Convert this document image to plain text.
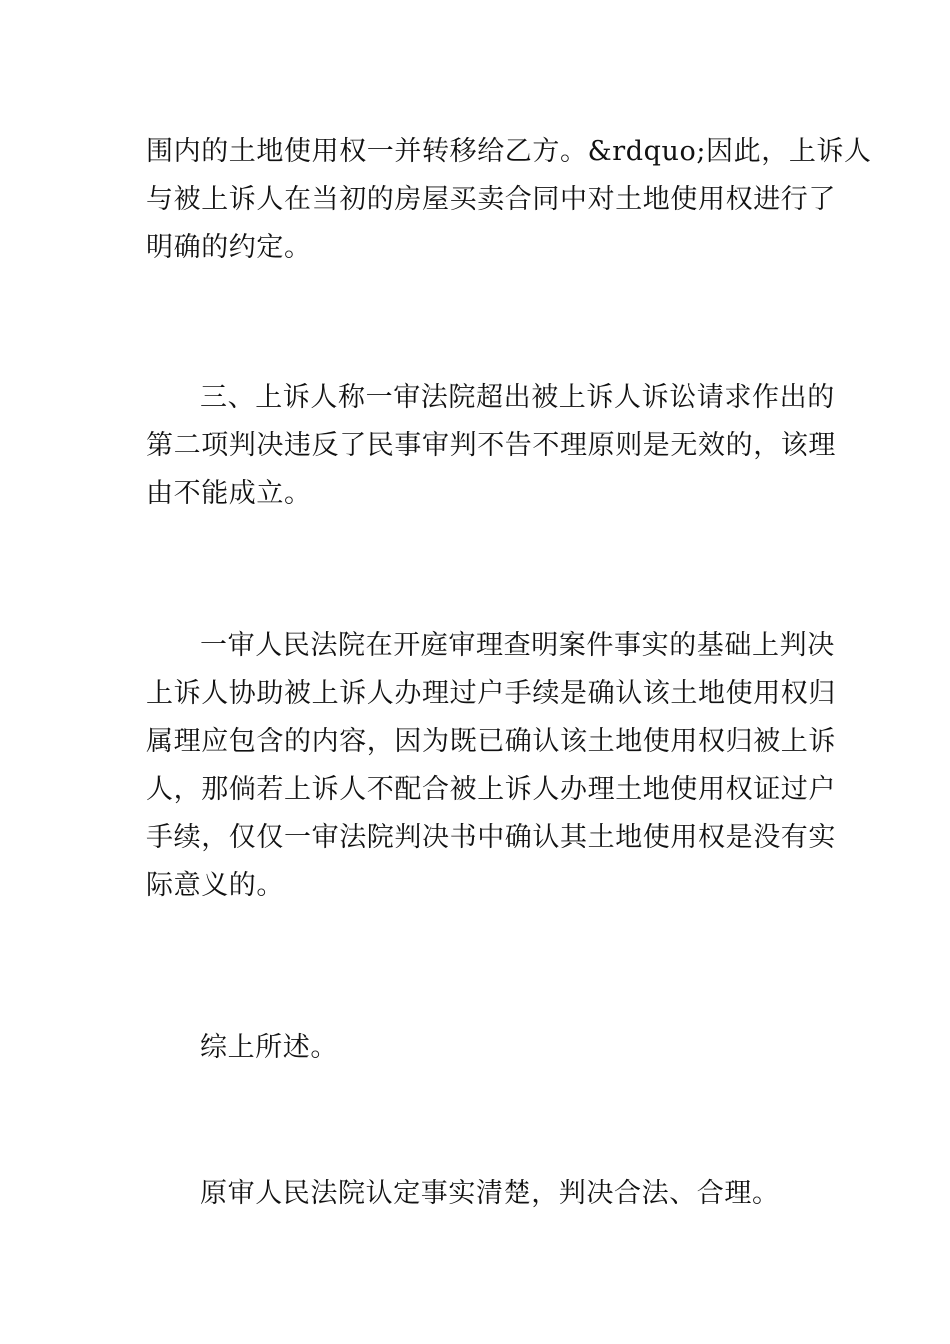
围内的土地使用权一并转移给乙方。&rdquo;因此，上诉人
与被上诉人在当初的房屋买卖合同中对土地使用权进行了
明确的约定。

三、上诉人称一审法院超出被上诉人诉讼请求作出的
第二项判决违反了民事审判不告不理原则是无效的，该理
由不能成立。

一审人民法院在开庭审理查明案件事实的基础上判决
上诉人协助被上诉人办理过户手续是确认该土地使用权归
属理应包含的内容，因为既已确认该土地使用权归被上诉
人，那倘若上诉人不配合被上诉人办理土地使用权证过户
手续，仅仅一审法院判决书中确认其土地使用权是没有实
际意义的。

综上所述。

原审人民法院认定事实清楚，判决合法、合理。
